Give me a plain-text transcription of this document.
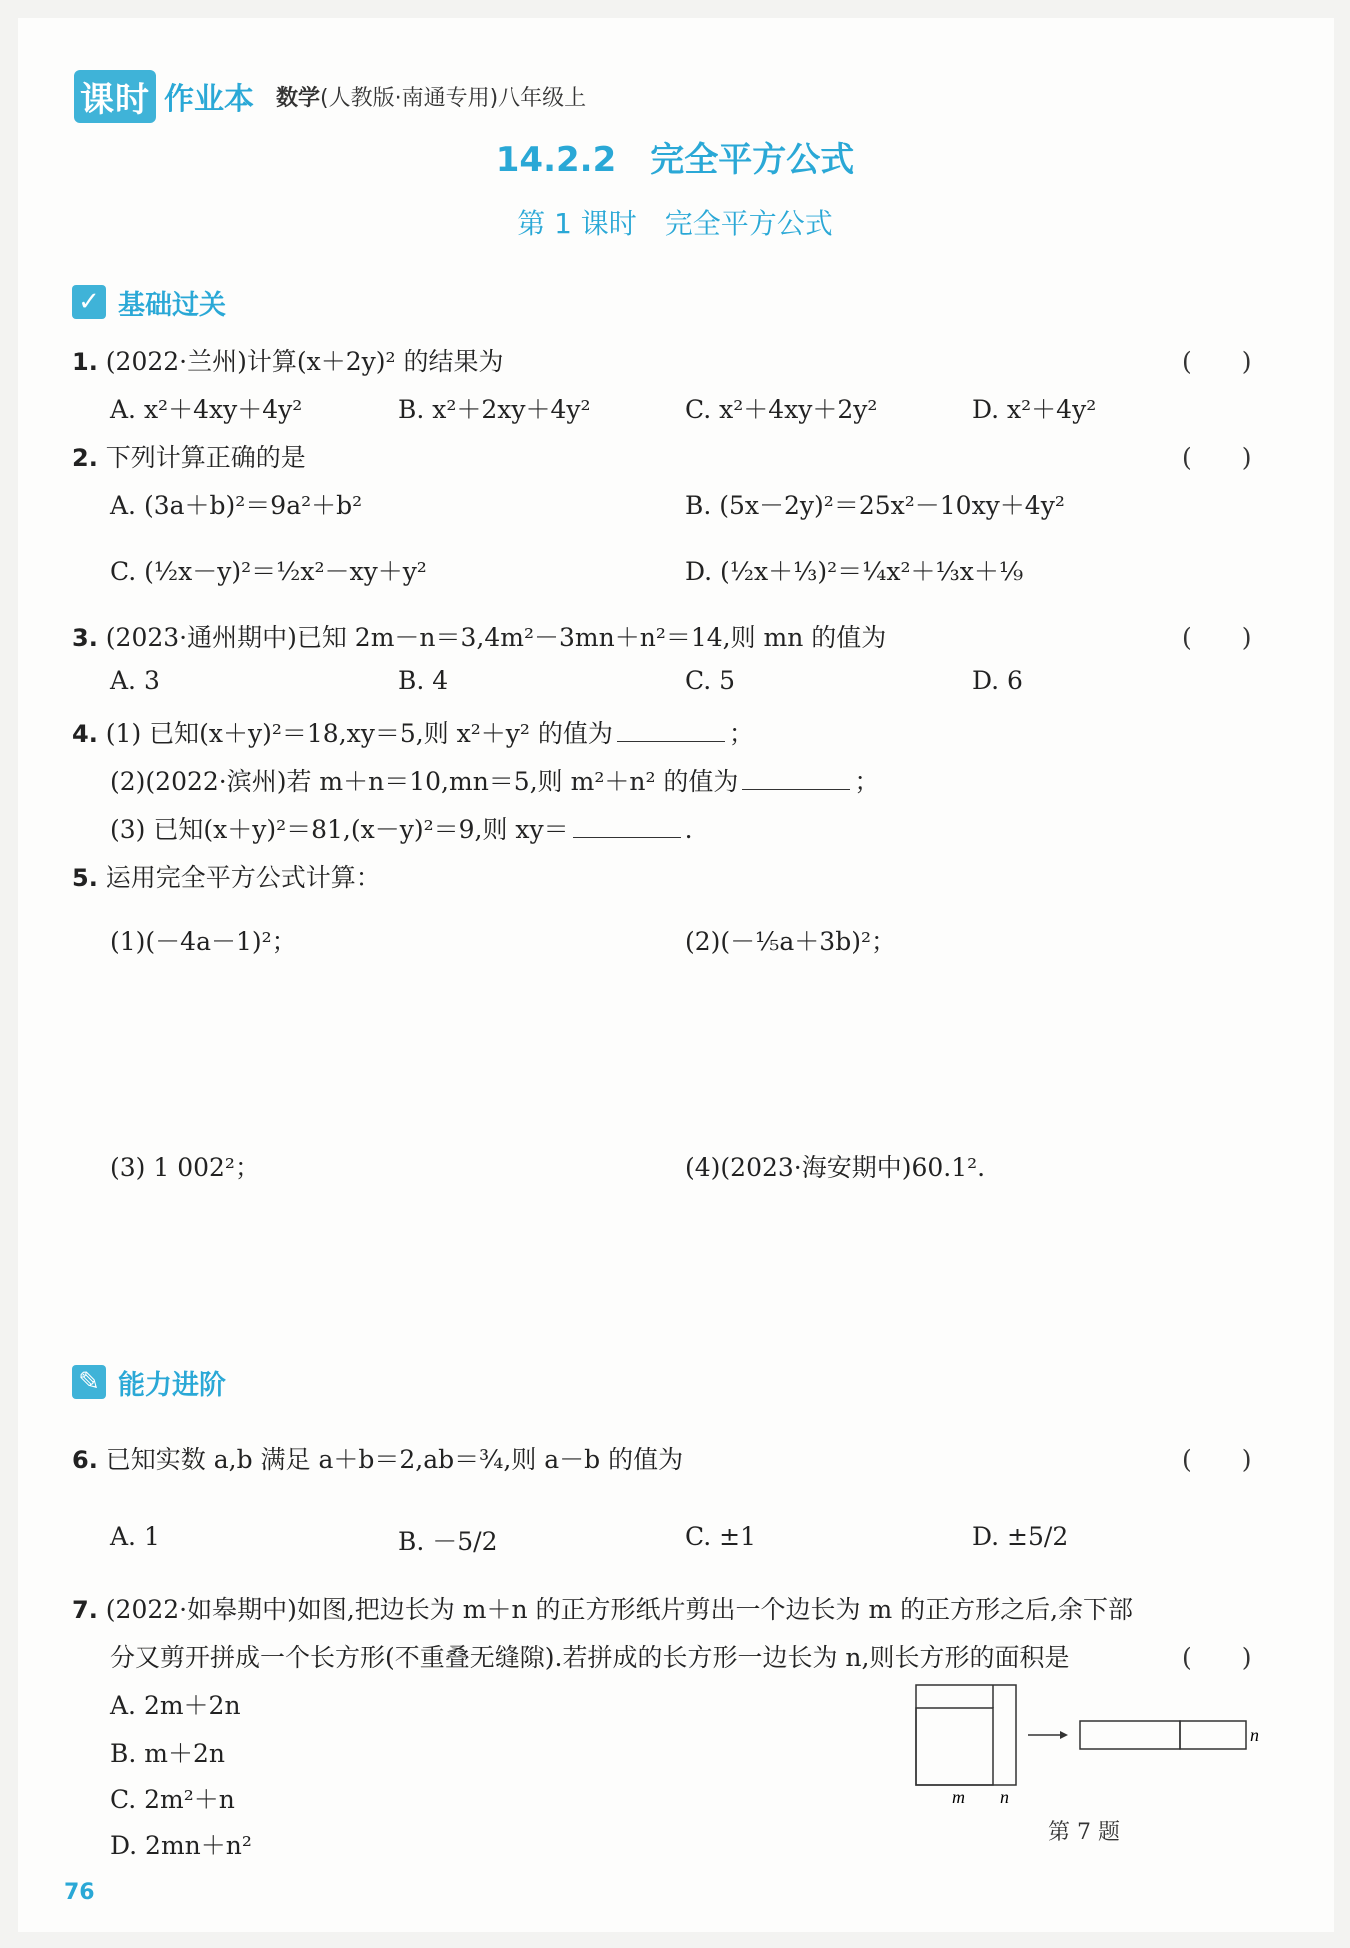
课时 作业本 数学(人教版·南通专用)八年级上
14.2.2　完全平方公式
第 1 课时　完全平方公式
✓ 基础过关
1. (2022·兰州)计算(x＋2y)² 的结果为	(　　)
A. x²＋4xy＋4y²	B. x²＋2xy＋4y²	C. x²＋4xy＋2y²	D. x²＋4y²
2. 下列计算正确的是	(　　)
A. (3a＋b)²＝9a²＋b²	B. (5x－2y)²＝25x²－10xy＋4y²
C. (½x－y)²＝½x²－xy＋y²	D. (½x＋⅓)²＝¼x²＋⅓x＋⅑
3. (2023·通州期中)已知 2m－n＝3,4m²－3mn＋n²＝14,则 mn 的值为	(　　)
A. 3	B. 4	C. 5	D. 6
4. (1) 已知(x＋y)²＝18,xy＝5,则 x²＋y² 的值为	；
(2)(2022·滨州)若 m＋n＝10,mn＝5,则 m²＋n² 的值为	；
(3) 已知(x＋y)²＝81,(x－y)²＝9,则 xy＝	.
5. 运用完全平方公式计算：
(1)(－4a－1)²；	(2)(－⅕a＋3b)²；
(3) 1 002²；	(4)(2023·海安期中)60.1².
✎ 能力进阶
6. 已知实数 a,b 满足 a＋b＝2,ab＝¾,则 a－b 的值为	(　　)
A. 1	B. －5/2	C. ±1	D. ±5/2
7. (2022·如皋期中)如图,把边长为 m＋n 的正方形纸片剪出一个边长为 m 的正方形之后,余下部
分又剪开拼成一个长方形(不重叠无缝隙).若拼成的长方形一边长为 n,则长方形的面积是	(　　)
A. 2m＋2n
B. m＋2n
C. 2m²＋n
D. 2mn＋n²
m n
n
第 7 题
76
